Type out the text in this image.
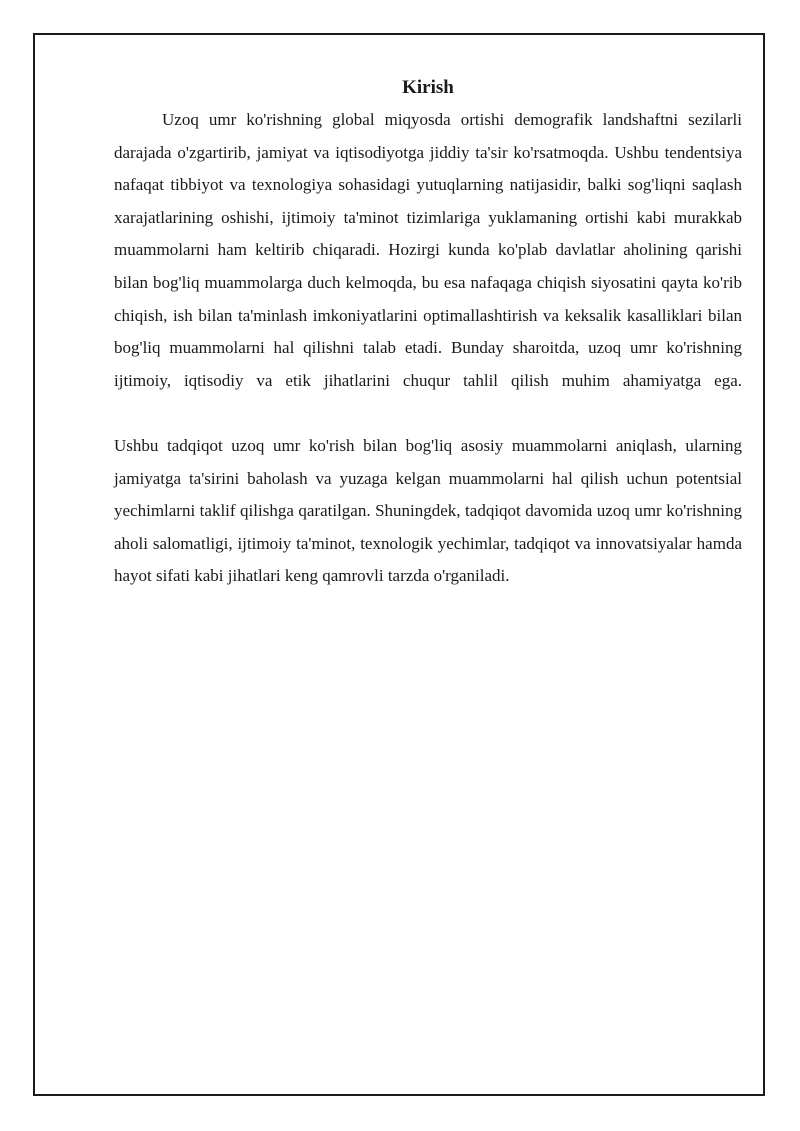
Kirish

Uzoq umr ko'rishning global miqyosda ortishi demografik landshaftni sezilarli darajada o'zgartirib, jamiyat va iqtisodiyotga jiddiy ta'sir ko'rsatmoqda. Ushbu tendentsiya nafaqat tibbiyot va texnologiya sohasidagi yutuqlarning natijasidir, balki sog'liqni saqlash xarajatlarining oshishi, ijtimoiy ta'minot tizimlariga yuklamaning ortishi kabi murakkab muammolarni ham keltirib chiqaradi. Hozirgi kunda ko'plab davlatlar aholining qarishi bilan bog'liq muammolarga duch kelmoqda, bu esa nafaqaga chiqish siyosatini qayta ko'rib chiqish, ish bilan ta'minlash imkoniyatlarini optimallashtirish va keksalik kasalliklari bilan bog'liq muammolarni hal qilishni talab etadi. Bunday sharoitda, uzoq umr ko'rishning ijtimoiy, iqtisodiy va etik jihatlarini chuqur tahlil qilish muhim ahamiyatga ega.

Ushbu tadqiqot uzoq umr ko'rish bilan bog'liq asosiy muammolarni aniqlash, ularning jamiyatga ta'sirini baholash va yuzaga kelgan muammolarni hal qilish uchun potentsial yechimlarni taklif qilishga qaratilgan. Shuningdek, tadqiqot davomida uzoq umr ko'rishning aholi salomatligi, ijtimoiy ta'minot, texnologik yechimlar, tadqiqot va innovatsiyalar hamda hayot sifati kabi jihatlari keng qamrovli tarzda o'rganiladi.
